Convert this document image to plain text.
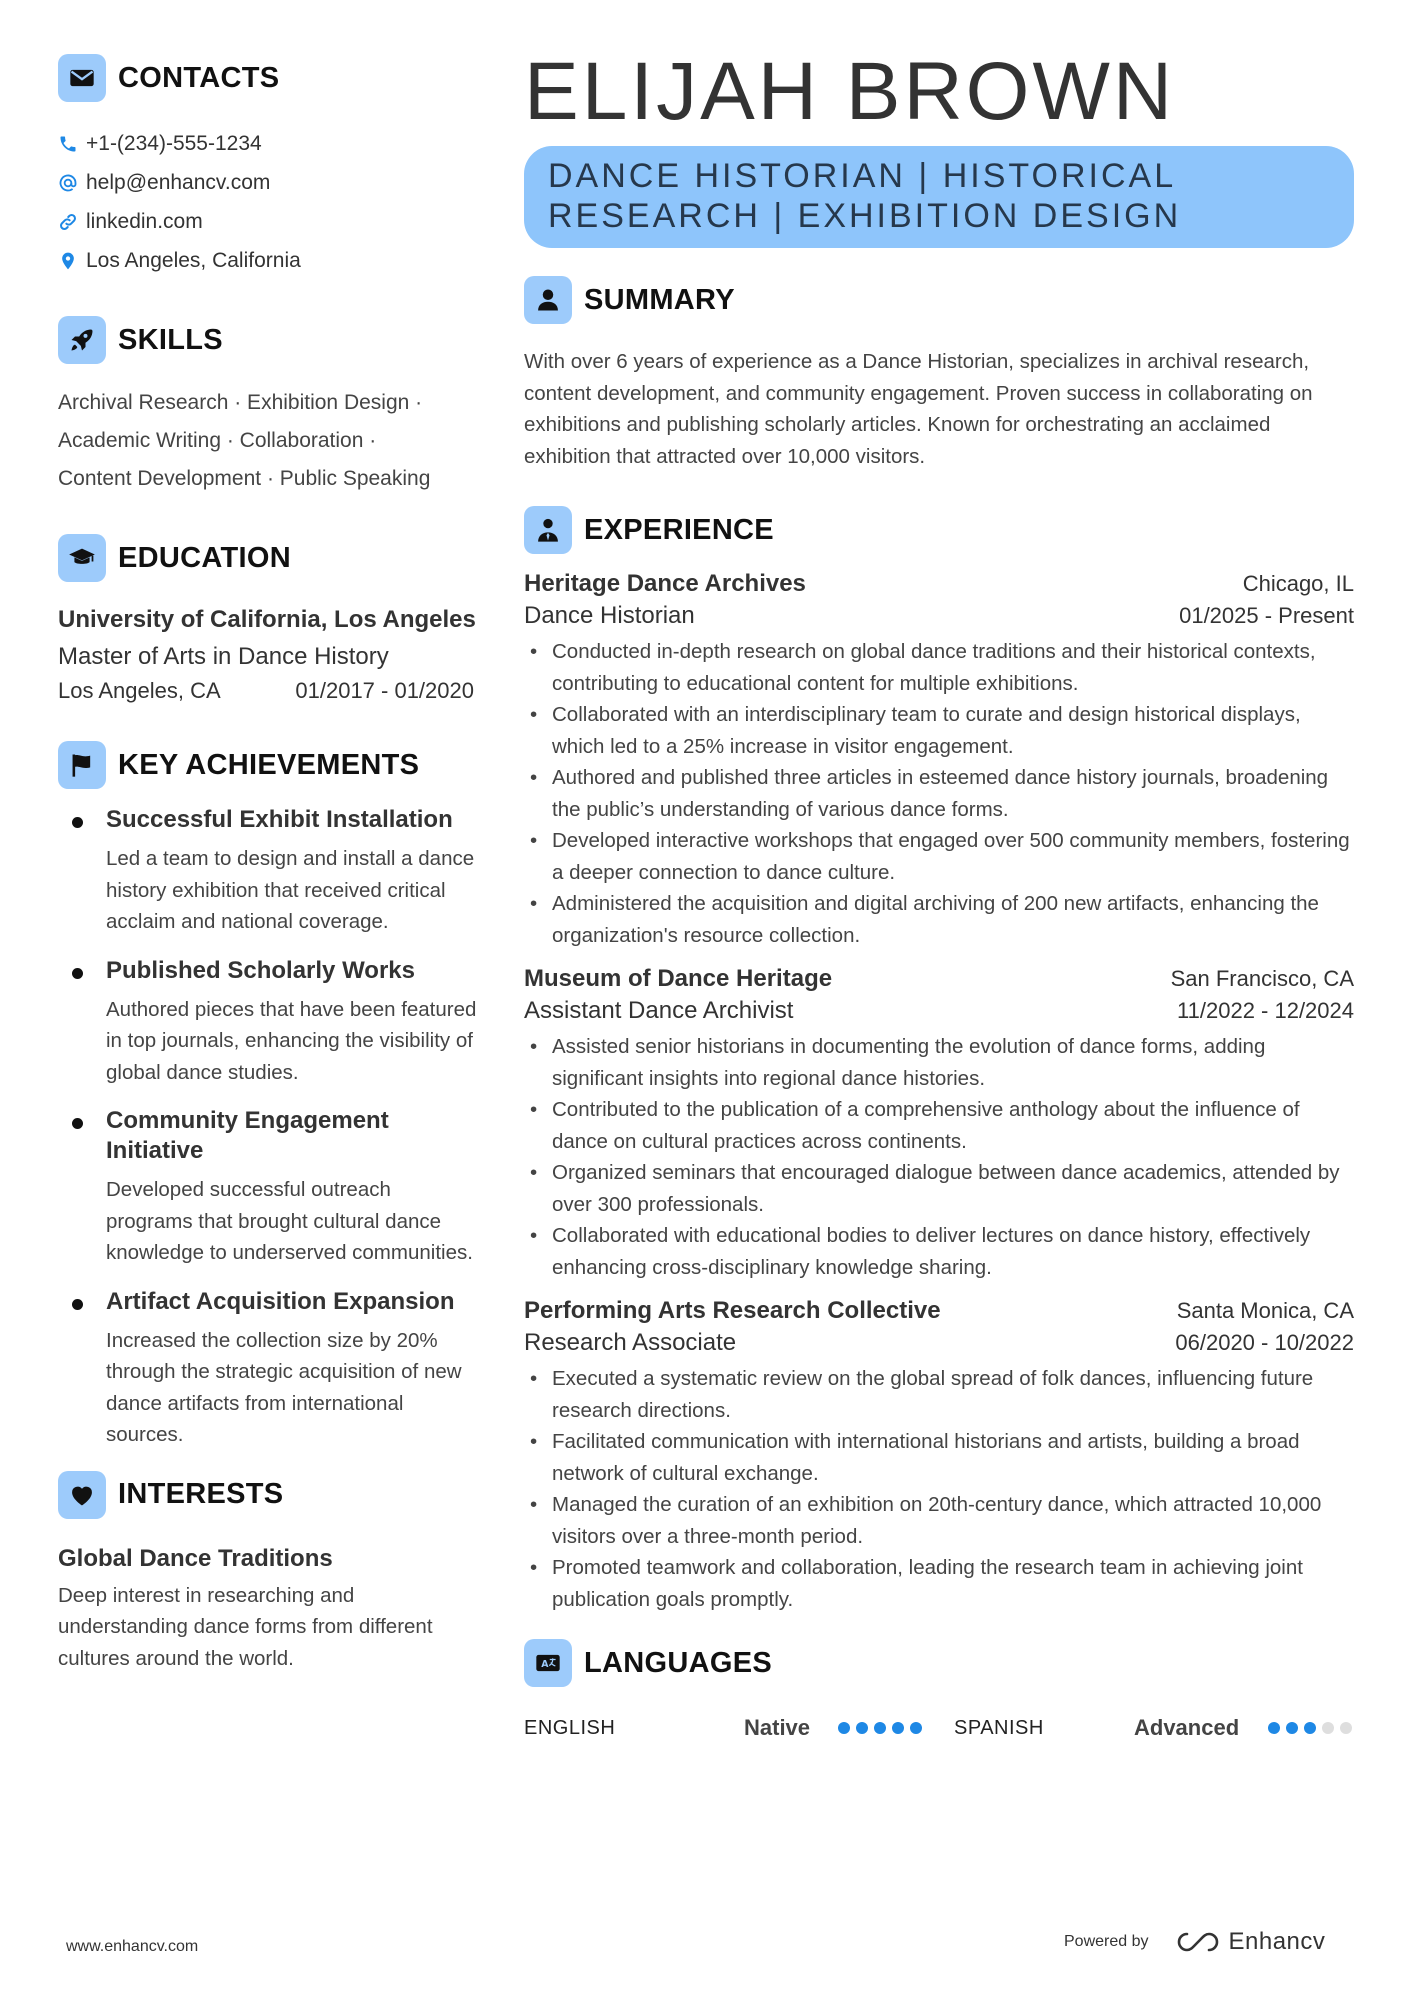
CONTACTS
+1-(234)-555-1234
help@enhancv.com
linkedin.com
Los Angeles, California
SKILLS
Archival Research · Exhibition Design ·
Academic Writing · Collaboration ·
Content Development · Public Speaking
EDUCATION
University of California, Los Angeles
Master of Arts in Dance History
Los Angeles, CA	01/2017 - 01/2020
KEY ACHIEVEMENTS
Successful Exhibit Installation
Led a team to design and install a dance history exhibition that received critical acclaim and national coverage.
Published Scholarly Works
Authored pieces that have been featured in top journals, enhancing the visibility of global dance studies.
Community Engagement Initiative
Developed successful outreach programs that brought cultural dance knowledge to underserved communities.
Artifact Acquisition Expansion
Increased the collection size by 20% through the strategic acquisition of new dance artifacts from international sources.
INTERESTS
Global Dance Traditions
Deep interest in researching and understanding dance forms from different cultures around the world.
ELIJAH BROWN
DANCE HISTORIAN | HISTORICAL RESEARCH | EXHIBITION DESIGN
SUMMARY
With over 6 years of experience as a Dance Historian, specializes in archival research, content development, and community engagement. Proven success in collaborating on exhibitions and publishing scholarly articles. Known for orchestrating an acclaimed exhibition that attracted over 10,000 visitors.
EXPERIENCE
Heritage Dance Archives	Chicago, IL
Dance Historian	01/2025 - Present
• Conducted in-depth research on global dance traditions and their historical contexts, contributing to educational content for multiple exhibitions.
• Collaborated with an interdisciplinary team to curate and design historical displays, which led to a 25% increase in visitor engagement.
• Authored and published three articles in esteemed dance history journals, broadening the public’s understanding of various dance forms.
• Developed interactive workshops that engaged over 500 community members, fostering a deeper connection to dance culture.
• Administered the acquisition and digital archiving of 200 new artifacts, enhancing the organization's resource collection.
Museum of Dance Heritage	San Francisco, CA
Assistant Dance Archivist	11/2022 - 12/2024
• Assisted senior historians in documenting the evolution of dance forms, adding significant insights into regional dance histories.
• Contributed to the publication of a comprehensive anthology about the influence of dance on cultural practices across continents.
• Organized seminars that encouraged dialogue between dance academics, attended by over 300 professionals.
• Collaborated with educational bodies to deliver lectures on dance history, effectively enhancing cross-disciplinary knowledge sharing.
Performing Arts Research Collective	Santa Monica, CA
Research Associate	06/2020 - 10/2022
• Executed a systematic review on the global spread of folk dances, influencing future research directions.
• Facilitated communication with international historians and artists, building a broad network of cultural exchange.
• Managed the curation of an exhibition on 20th-century dance, which attracted 10,000 visitors over a three-month period.
• Promoted teamwork and collaboration, leading the research team in achieving joint publication goals promptly.
A LANGUAGES
ENGLISH	Native	SPANISH	Advanced
www.enhancv.com	Powered by	Enhancv
